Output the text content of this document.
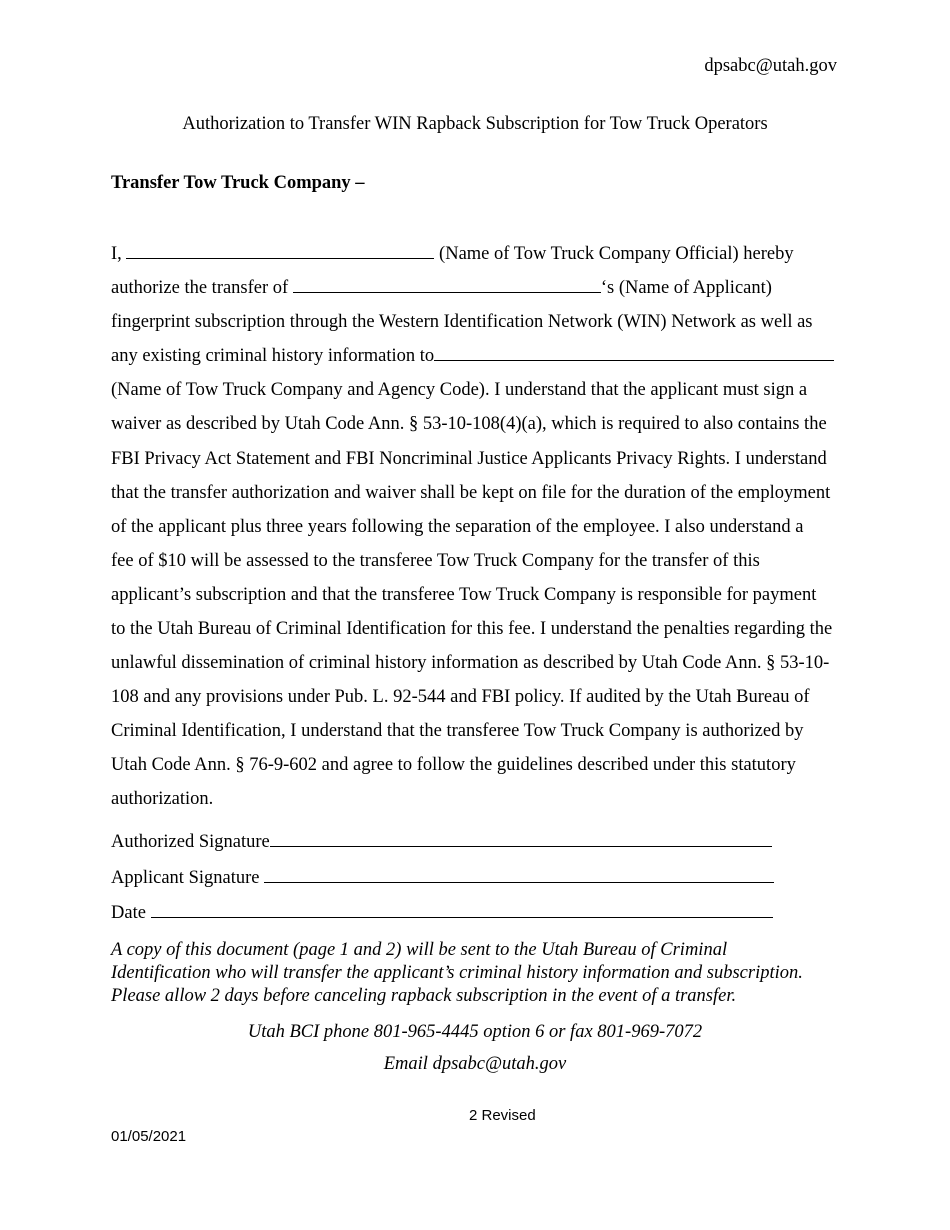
dpsabc@utah.gov
Authorization to Transfer WIN Rapback Subscription for Tow Truck Operators
Transfer Tow Truck Company –
I,	(Name of Tow Truck Company Official) hereby
authorize the transfer of	‘s (Name of Applicant)
fingerprint subscription through the Western Identification Network (WIN) Network as well as
any existing criminal history information to
(Name of Tow Truck Company and Agency Code). I understand that the applicant must sign a
waiver as described by Utah Code Ann. § 53-10-108(4)(a), which is required to also contains the
FBI Privacy Act Statement and FBI Noncriminal Justice Applicants Privacy Rights. I understand
that the transfer authorization and waiver shall be kept on file for the duration of the employment
of the applicant plus three years following the separation of the employee. I also understand a
fee of $10 will be assessed to the transferee Tow Truck Company for the transfer of this
applicant’s subscription and that the transferee Tow Truck Company is responsible for payment
to the Utah Bureau of Criminal Identification for this fee. I understand the penalties regarding the
unlawful dissemination of criminal history information as described by Utah Code Ann. § 53-10-
108 and any provisions under Pub. L. 92-544 and FBI policy. If audited by the Utah Bureau of
Criminal Identification, I understand that the transferee Tow Truck Company is authorized by
Utah Code Ann. § 76-9-602 and agree to follow the guidelines described under this statutory
authorization.
Authorized Signature
Applicant Signature
Date
A copy of this document (page 1 and 2) will be sent to the Utah Bureau of Criminal
Identification who will transfer the applicant’s criminal history information and subscription.
Please allow 2 days before canceling rapback subscription in the event of a transfer.
Utah BCI phone 801-965-4445 option 6 or fax 801-969-7072
Email dpsabc@utah.gov
2 Revised
01/05/2021
